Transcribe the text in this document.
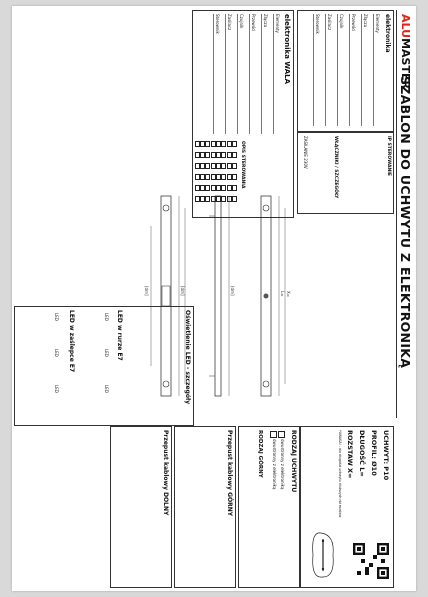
ALUMASTER
SZABLON DO UCHWYTU Z ELEKTRONIKĄ
elektronika
Elementy
Złącza
Przewód
Czujnik
Zasilacz
Sterownik
IP STEROWANIE
WŁĄCZNIKI / SZCZEGÓŁY
ZASILANIE 230V
elektronika WALA
OPIS STEROWANIA
Elementy
Złącza
Przewód
Czujnik
Zasilacz
Sterownik
L= X=
[dm]
[dm]
[dm]
UCHWYT: P10
PROFIL: Ø10
DŁUGOŚĆ L=
ROZSTAW X=
*UWAGA! - dla długości uchwytu dłuższych niż rozstaw
RODZAJ UCHWYTU
dwustronny z elektroniką
dwustronny z elektroniką
RODZAJ GÓRNY
Oświetlenie LED - szczegóły
LED w rurze E7
LED w zaślepce E7	LED
LED
LED
LED
LED
LED
Przepust kablowy GÓRNY
Przepust kablowy DOLNY
